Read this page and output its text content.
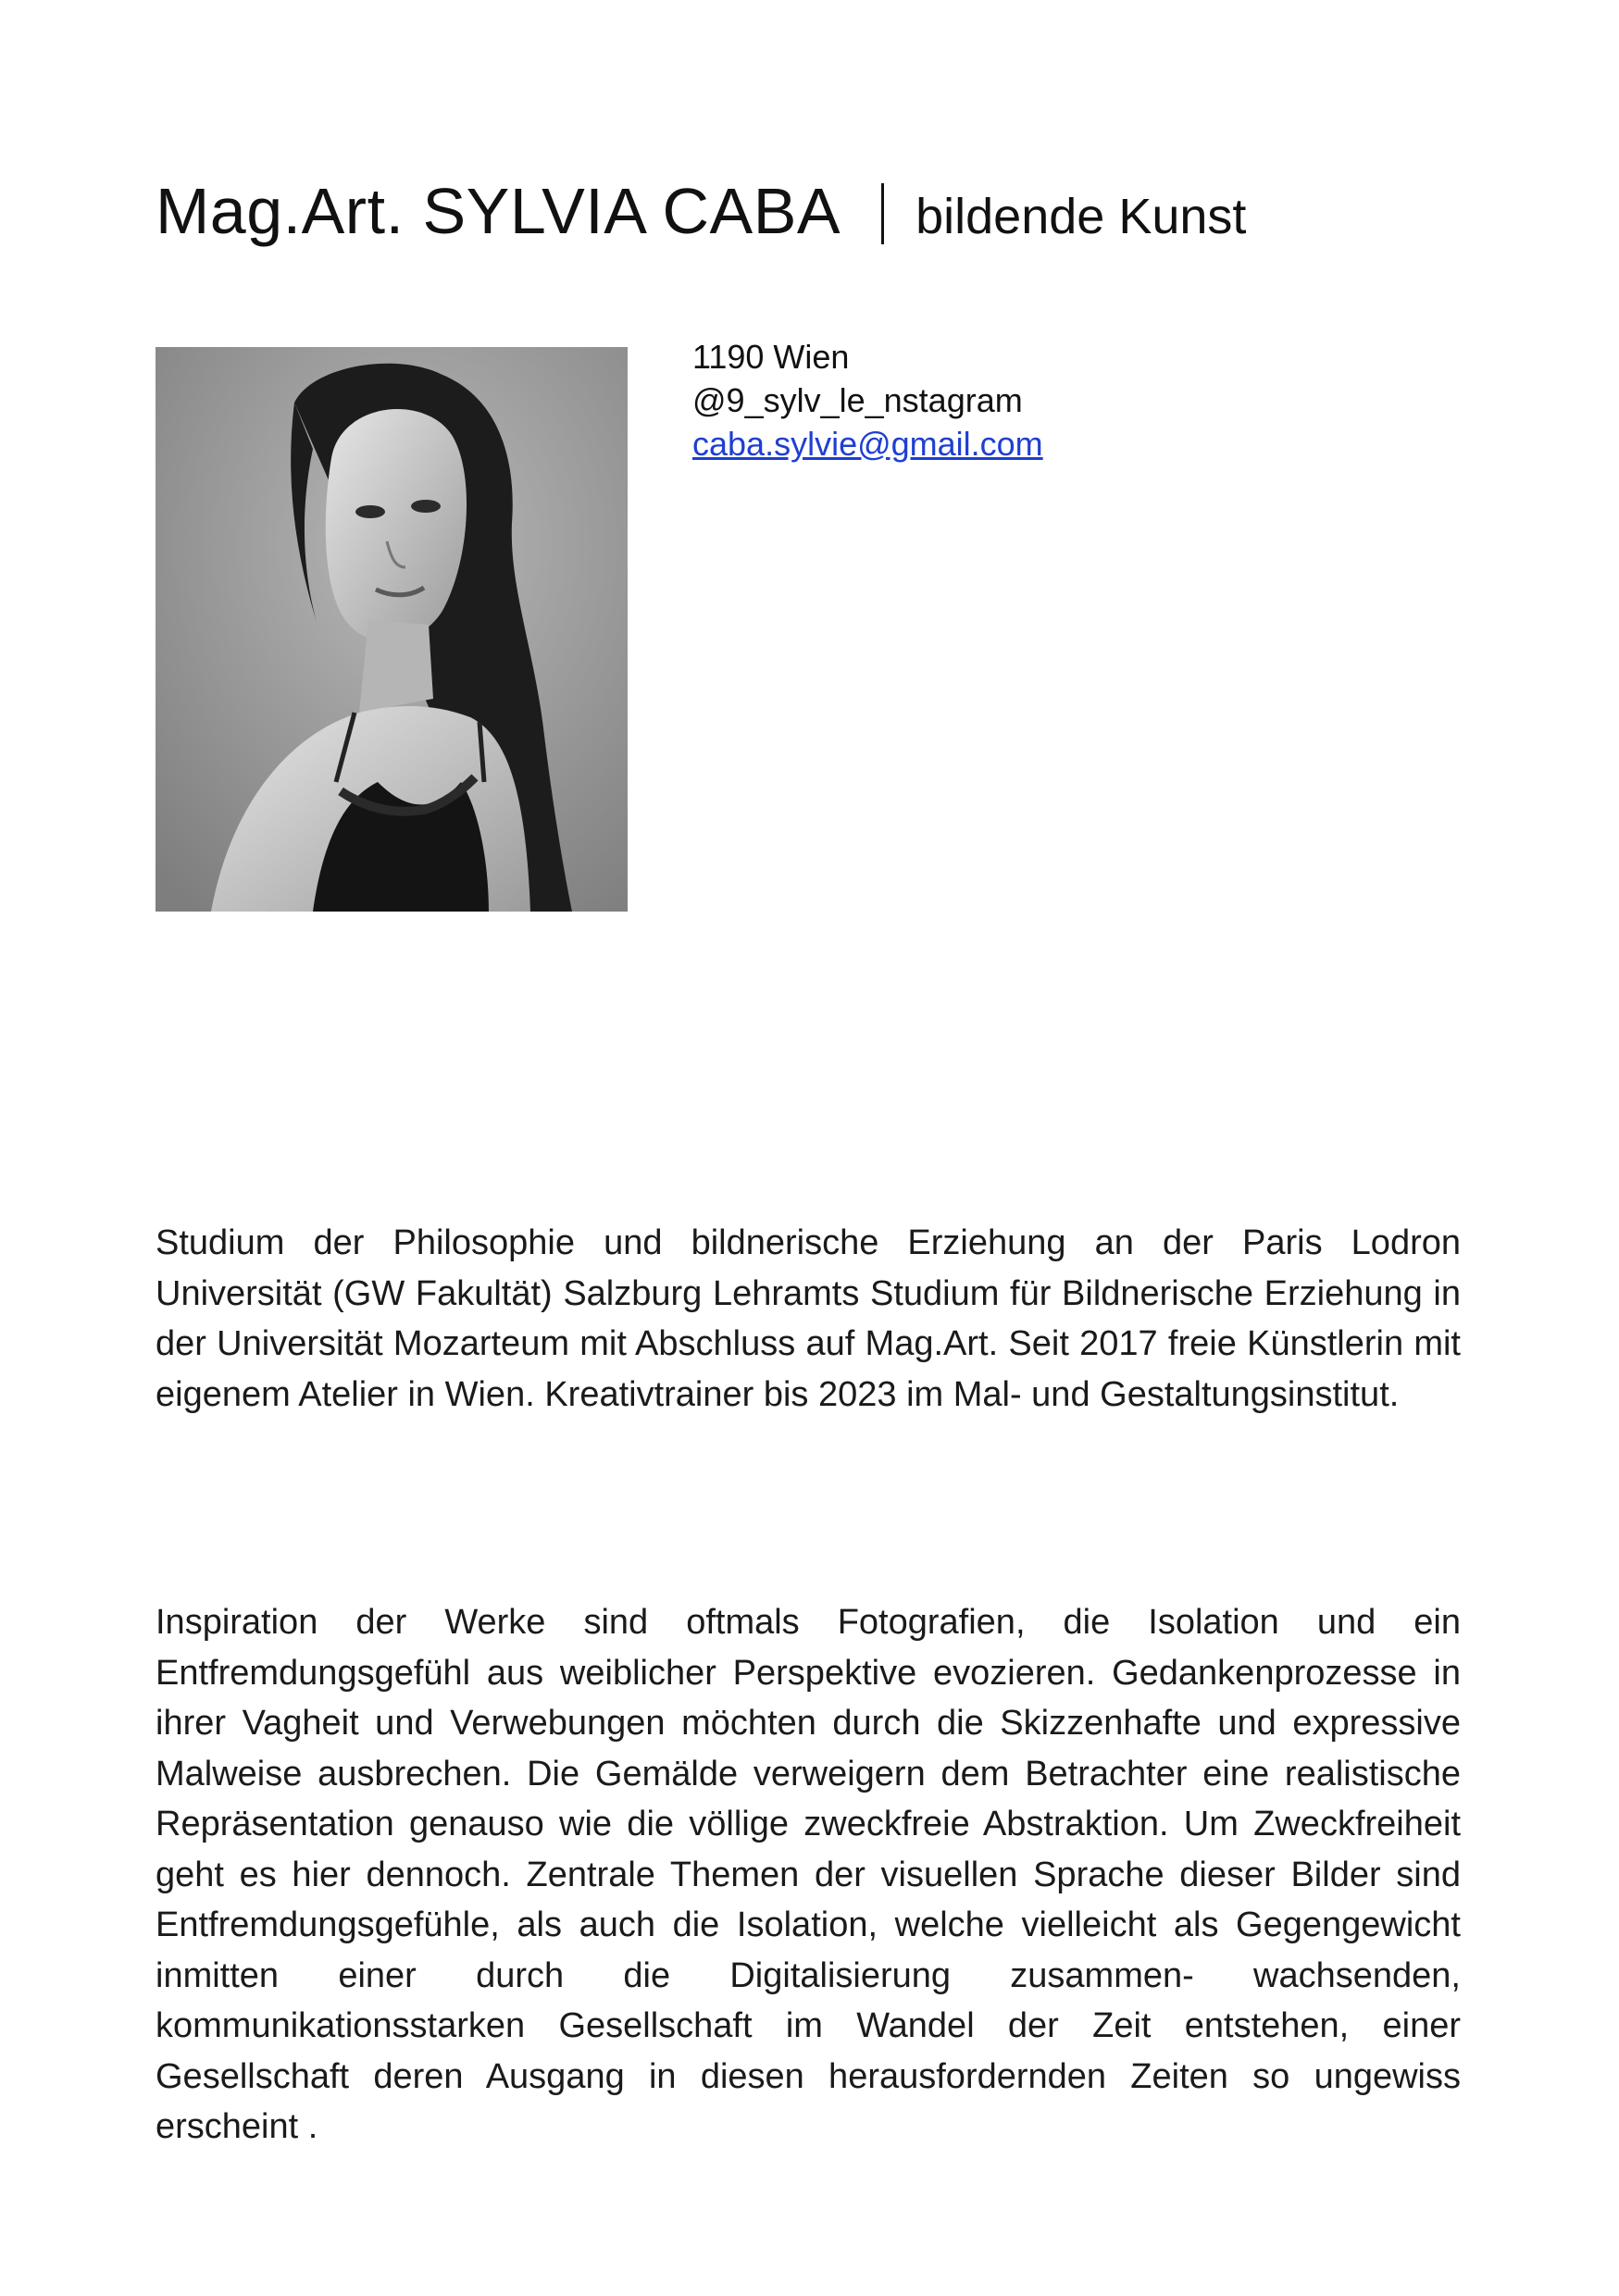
Mag.Art. SYLVIA CABA bildende Kunst
1190 Wien
@9_sylv_le_nstagram
caba.sylvie@gmail.com

Studium der Philosophie und bildnerische Erziehung an der Paris Lodron Universität (GW Fakultät) Salzburg Lehramts Studium für Bildnerische Erziehung in der Universität Mozarteum mit Abschluss auf Mag.Art. Seit 2017 freie Künstlerin mit eigenem Atelier in Wien. Kreativtrainer bis 2023 im Mal- und Gestaltungsinstitut.

Inspiration der Werke sind oftmals Fotografien, die Isolation und ein Entfremdungsgefühl aus weiblicher Perspektive evozieren. Gedankenprozesse in ihrer Vagheit und Verwebungen möchten durch die Skizzenhafte und expressive Malweise ausbrechen. Die Gemälde verweigern dem Betrachter eine realistische Repräsentation genauso wie die völlige zweckfreie Abstraktion. Um Zweckfreiheit geht es hier dennoch. Zentrale Themen der visuellen Sprache dieser Bilder sind Entfremdungsgefühle, als auch die Isolation, welche vielleicht als Gegengewicht inmitten einer durch die Digitalisierung zusammen- wachsenden, kommunikationsstarken Gesellschaft im Wandel der Zeit entstehen, einer Gesellschaft deren Ausgang in diesen herausfordernden Zeiten so ungewiss erscheint .
